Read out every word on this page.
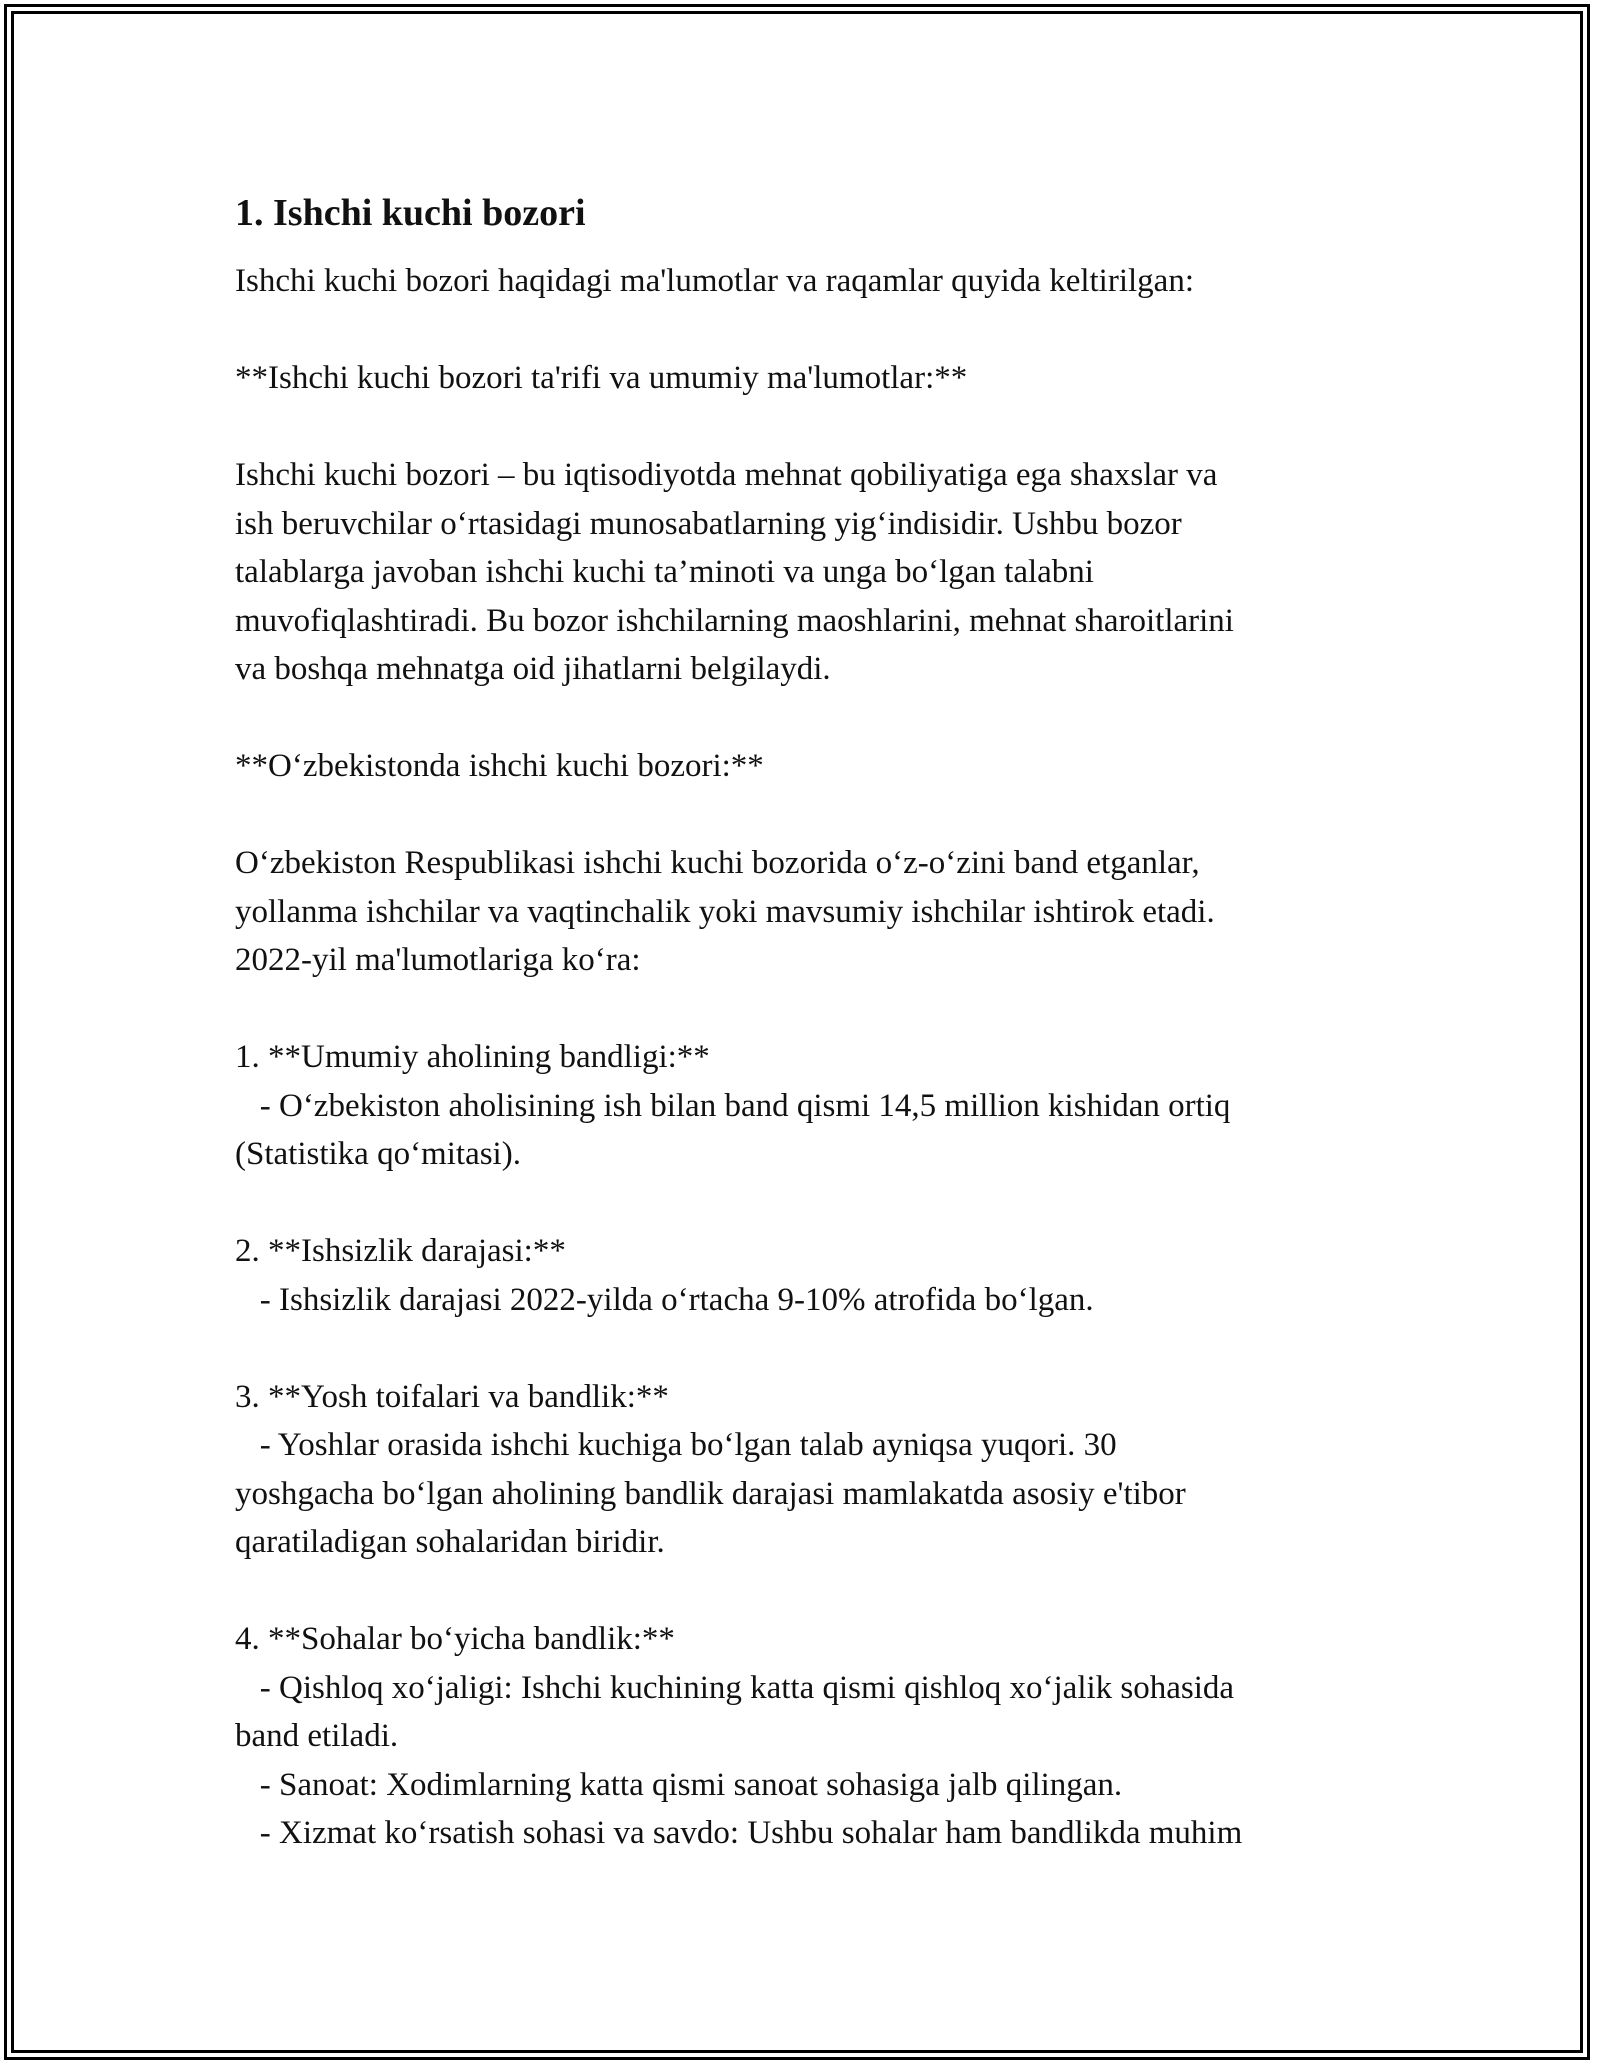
1. Ishchi kuchi bozori

Ishchi kuchi bozori haqidagi ma'lumotlar va raqamlar quyida keltirilgan:

**Ishchi kuchi bozori ta'rifi va umumiy ma'lumotlar:**

Ishchi kuchi bozori – bu iqtisodiyotda mehnat qobiliyatiga ega shaxslar va

ish beruvchilar o‘rtasidagi munosabatlarning yig‘indisidir. Ushbu bozor

talablarga javoban ishchi kuchi ta’minoti va unga bo‘lgan talabni

muvofiqlashtiradi. Bu bozor ishchilarning maoshlarini, mehnat sharoitlarini

va boshqa mehnatga oid jihatlarni belgilaydi.

**O‘zbekistonda ishchi kuchi bozori:**

O‘zbekiston Respublikasi ishchi kuchi bozorida o‘z-o‘zini band etganlar,

yollanma ishchilar va vaqtinchalik yoki mavsumiy ishchilar ishtirok etadi.

2022-yil ma'lumotlariga ko‘ra:

1. **Umumiy aholining bandligi:**

- O‘zbekiston aholisining ish bilan band qismi 14,5 million kishidan ortiq

(Statistika qo‘mitasi).

2. **Ishsizlik darajasi:**

- Ishsizlik darajasi 2022-yilda o‘rtacha 9-10% atrofida bo‘lgan.

3. **Yosh toifalari va bandlik:**

- Yoshlar orasida ishchi kuchiga bo‘lgan talab ayniqsa yuqori. 30

yoshgacha bo‘lgan aholining bandlik darajasi mamlakatda asosiy e'tibor

qaratiladigan sohalaridan biridir.

4. **Sohalar bo‘yicha bandlik:**

- Qishloq xo‘jaligi: Ishchi kuchining katta qismi qishloq xo‘jalik sohasida

band etiladi.

- Sanoat: Xodimlarning katta qismi sanoat sohasiga jalb qilingan.

- Xizmat ko‘rsatish sohasi va savdo: Ushbu sohalar ham bandlikda muhim
